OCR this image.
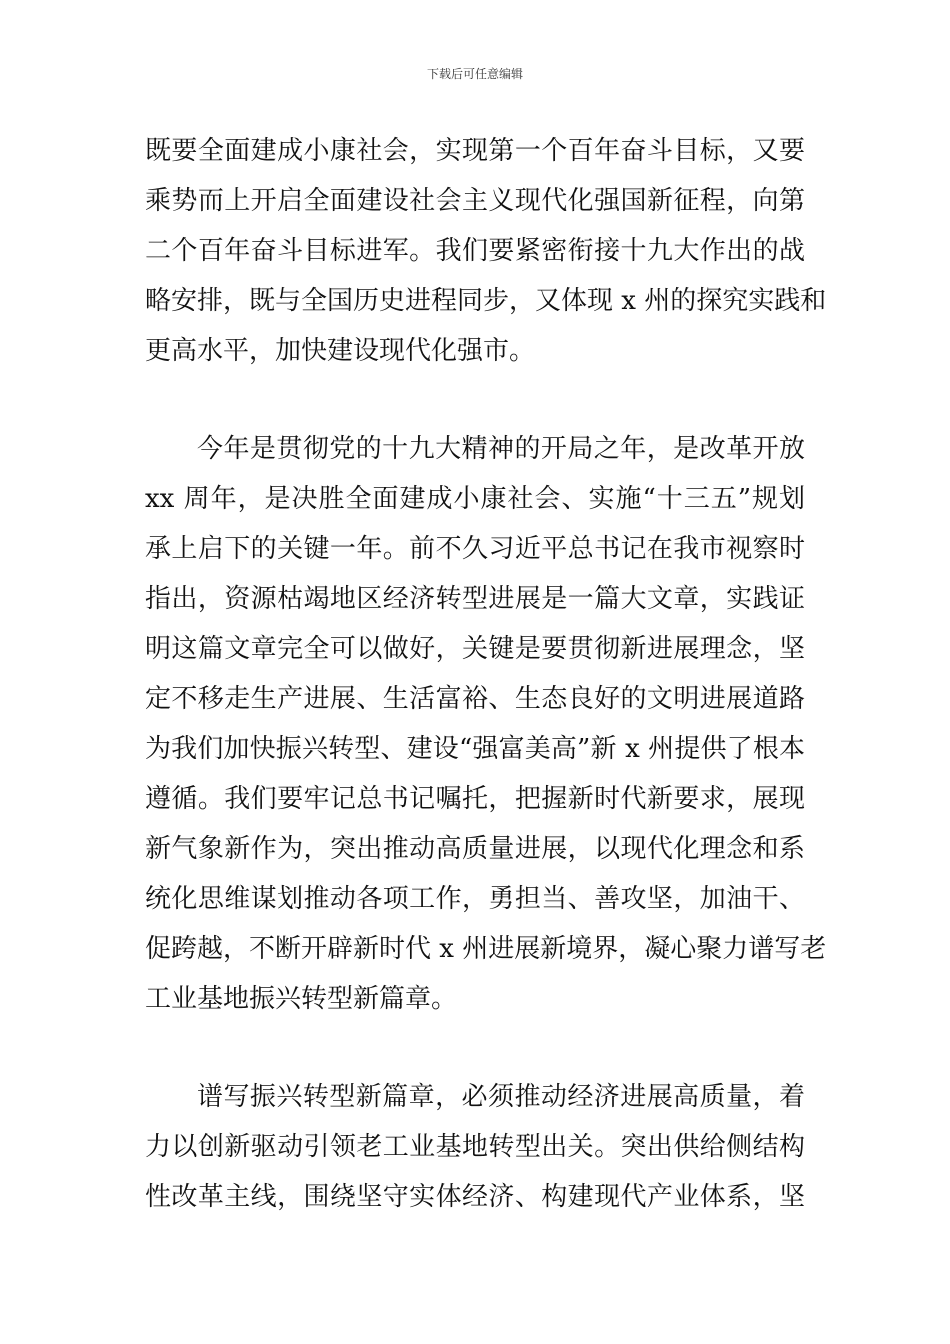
下载后可任意编辑
既要全面建成小康社会，实现第一个百年奋斗目标，又要
乘势而上开启全面建设社会主义现代化强国新征程，向第
二个百年奋斗目标进军。我们要紧密衔接十九大作出的战
略安排，既与全国历史进程同步，又体现 x 州的探究实践和
更高水平，加快建设现代化强市。
今年是贯彻党的十九大精神的开局之年，是改革开放
xx 周年，是决胜全面建成小康社会、实施“十三五”规划
承上启下的关键一年。前不久习近平总书记在我市视察时
指出，资源枯竭地区经济转型进展是一篇大文章，实践证
明这篇文章完全可以做好，关键是要贯彻新进展理念，坚
定不移走生产进展、生活富裕、生态良好的文明进展道路
为我们加快振兴转型、建设“强富美高”新 x 州提供了根本
遵循。我们要牢记总书记嘱托，把握新时代新要求，展现
新气象新作为，突出推动高质量进展，以现代化理念和系
统化思维谋划推动各项工作，勇担当、善攻坚，加油干、
促跨越，不断开辟新时代 x 州进展新境界，凝心聚力谱写老
工业基地振兴转型新篇章。
谱写振兴转型新篇章，必须推动经济进展高质量，着
力以创新驱动引领老工业基地转型出关。突出供给侧结构
性改革主线，围绕坚守实体经济、构建现代产业体系，坚
